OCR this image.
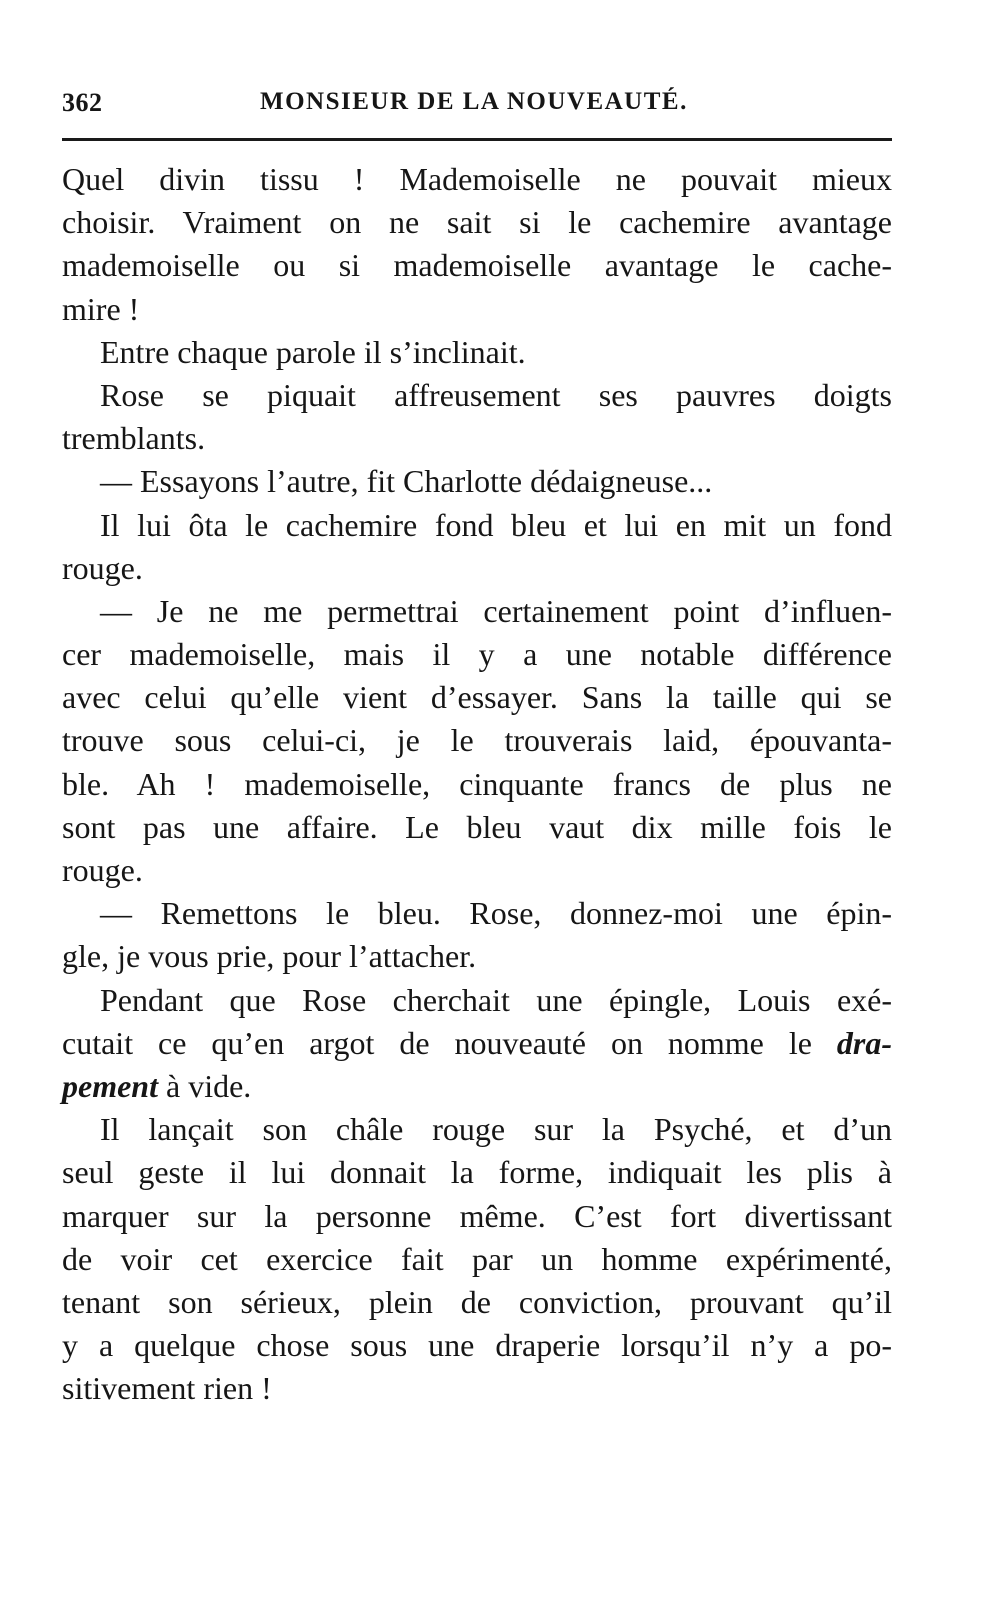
362	MONSIEUR DE LA NOUVEAUTÉ.
Quel divin tissu ! Mademoiselle ne pouvait mieux
choisir. Vraiment on ne sait si le cachemire avantage
mademoiselle ou si mademoiselle avantage le cache-
mire !
Entre chaque parole il s’inclinait.
Rose se piquait affreusement ses pauvres doigts
tremblants.
— Essayons l’autre, fit Charlotte dédaigneuse...
Il lui ôta le cachemire fond bleu et lui en mit un fond
rouge.
— Je ne me permettrai certainement point d’influen-
cer mademoiselle, mais il y a une notable différence
avec celui qu’elle vient d’essayer. Sans la taille qui se
trouve sous celui-ci, je le trouverais laid, épouvanta-
ble. Ah ! mademoiselle, cinquante francs de plus ne
sont pas une affaire. Le bleu vaut dix mille fois le
rouge.
— Remettons le bleu. Rose, donnez-moi une épin-
gle, je vous prie, pour l’attacher.
Pendant que Rose cherchait une épingle, Louis exé-
cutait ce qu’en argot de nouveauté on nomme le dra-
pement à vide.
Il lançait son châle rouge sur la Psyché, et d’un
seul geste il lui donnait la forme, indiquait les plis à
marquer sur la personne même. C’est fort divertissant
de voir cet exercice fait par un homme expérimenté,
tenant son sérieux, plein de conviction, prouvant qu’il
y a quelque chose sous une draperie lorsqu’il n’y a po-
sitivement rien !
